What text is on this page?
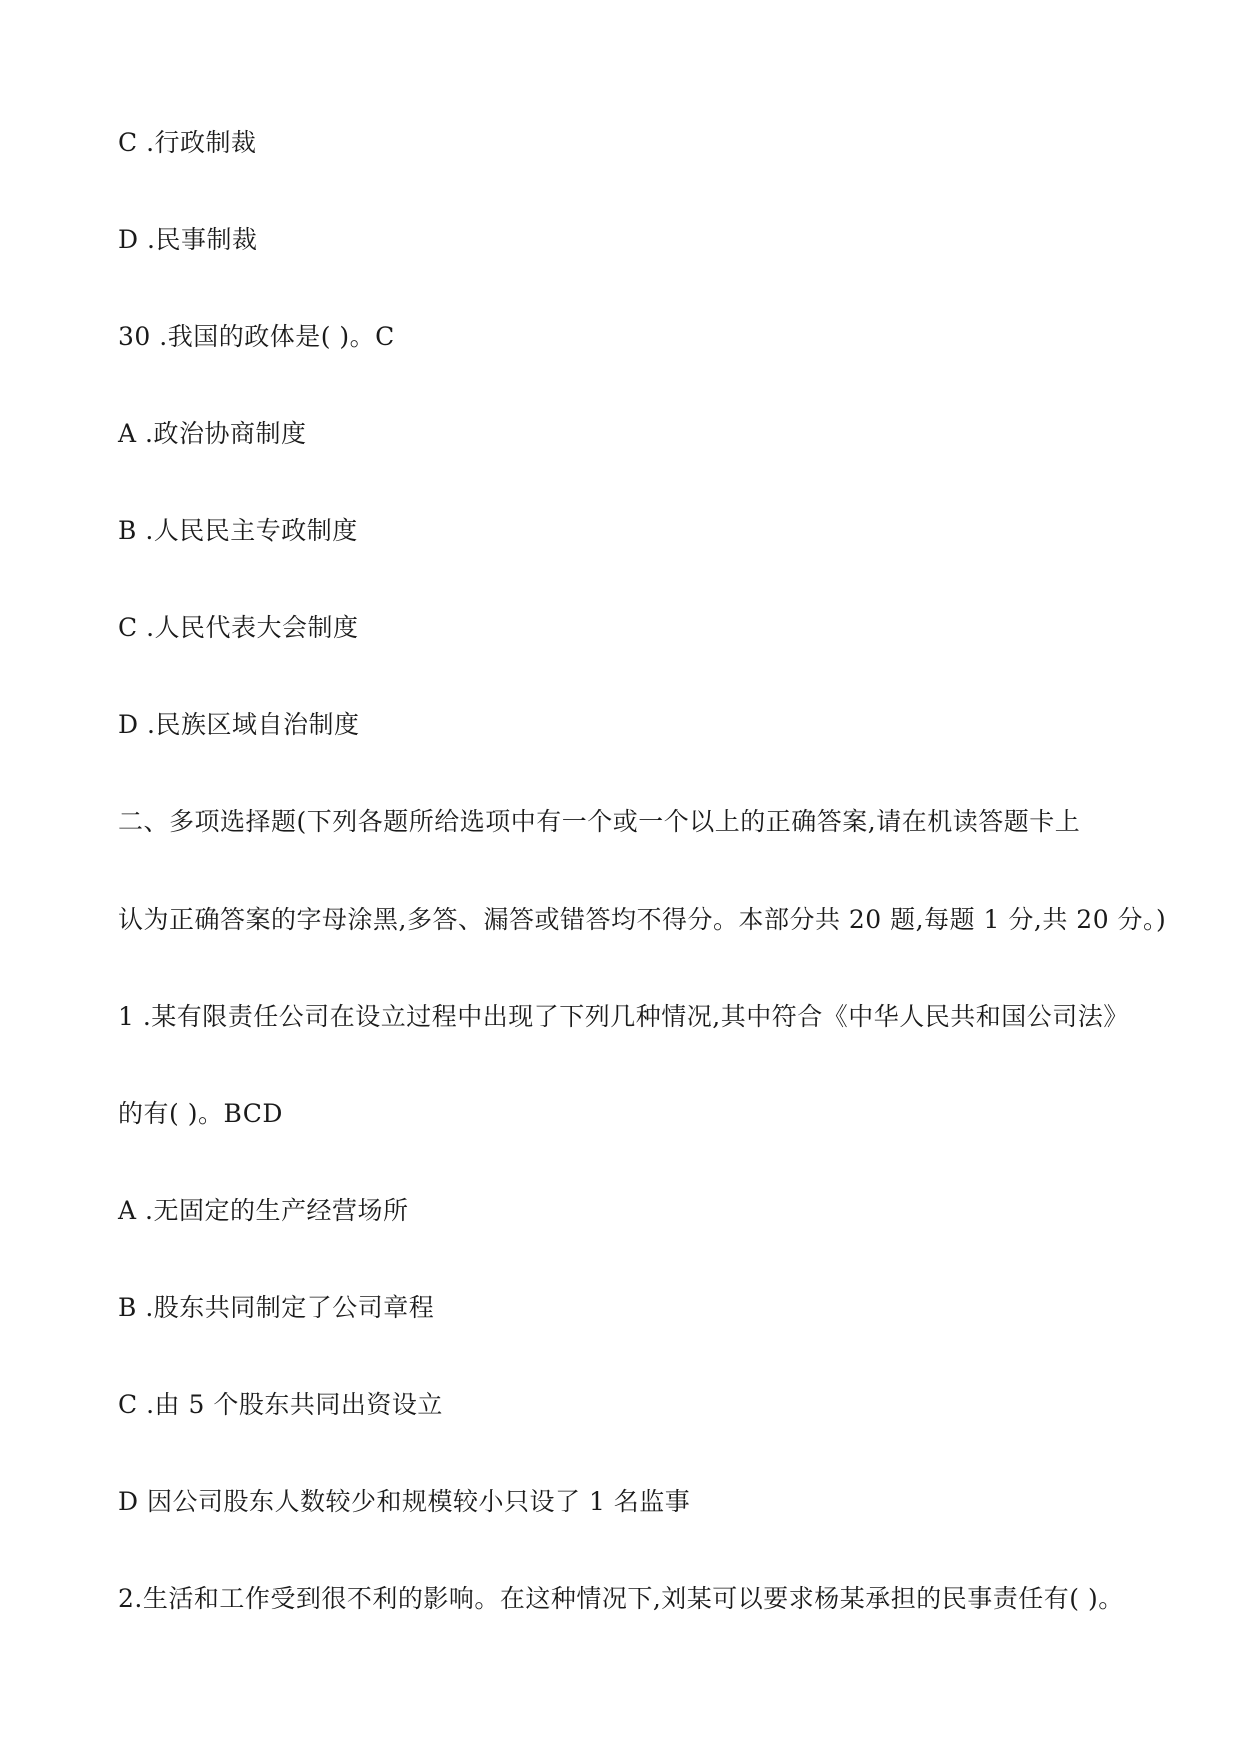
C .行政制裁
D .民事制裁
30 .我国的政体是( )。C
A .政治协商制度
B .人民民主专政制度
C .人民代表大会制度
D .民族区域自治制度
二、多项选择题(下列各题所给选项中有一个或一个以上的正确答案,请在机读答题卡上
认为正确答案的字母涂黑,多答、漏答或错答均不得分。本部分共 20 题,每题 1 分,共 20 分。)
1 .某有限责任公司在设立过程中出现了下列几种情况,其中符合《中华人民共和国公司法》
的有( )。BCD
A .无固定的生产经营场所
B .股东共同制定了公司章程
C .由 5 个股东共同出资设立
D 因公司股东人数较少和规模较小只设了 1 名监事
2.生活和工作受到很不利的影响。在这种情况下,刘某可以要求杨某承担的民事责任有( )。
